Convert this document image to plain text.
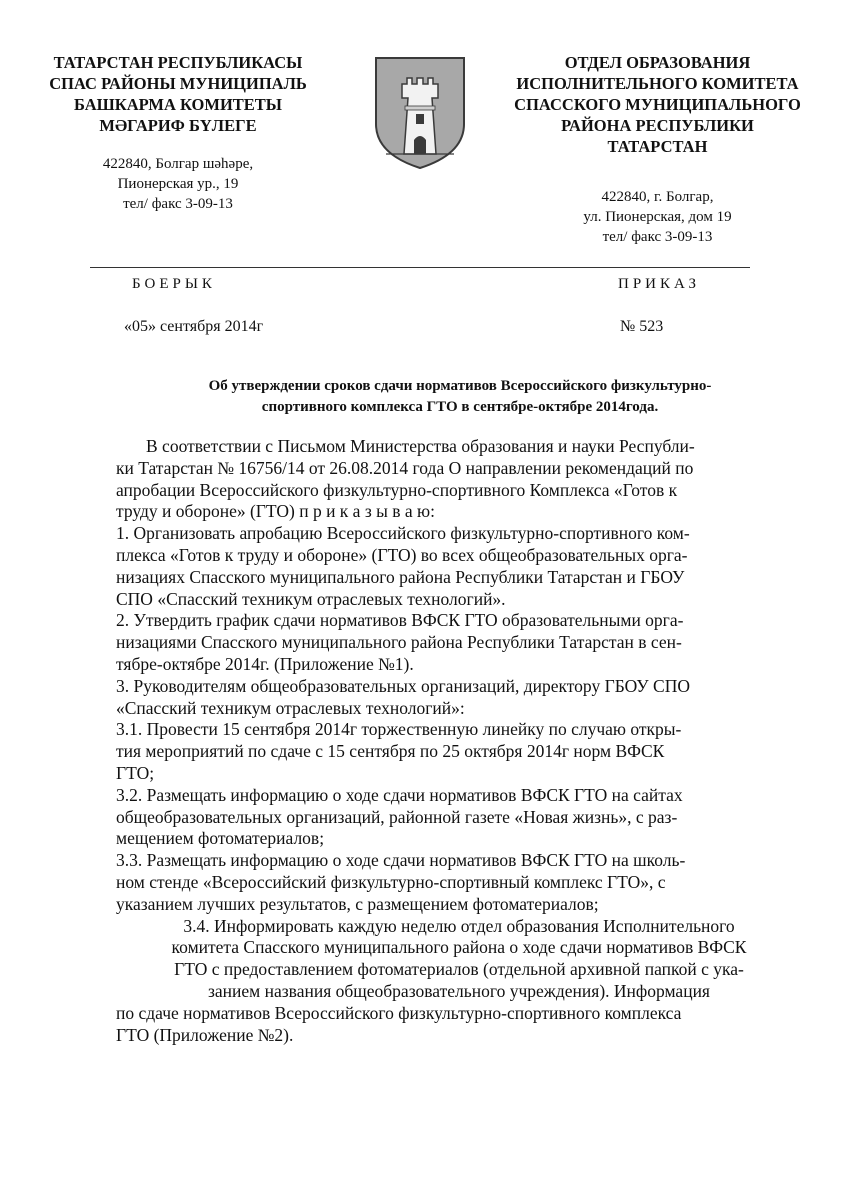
ТАТАРСТАН РЕСПУБЛИКАСЫ
СПАС РАЙОНЫ МУНИЦИПАЛЬ
БАШКАРМА КОМИТЕТЫ
МӘГАРИФ БҮЛЕГЕ

422840, Болгар шәһәре,
Пионерская ур., 19
тел/ факс 3-09-13

ОТДЕЛ ОБРАЗОВАНИЯ
ИСПОЛНИТЕЛЬНОГО КОМИТЕТА
СПАССКОГО МУНИЦИПАЛЬНОГО
РАЙОНА РЕСПУБЛИКИ
ТАТАРСТАН

422840, г. Болгар,
ул. Пионерская, дом 19
тел/ факс 3-09-13
БОЕРЫК	ПРИКАЗ
«05» сентября 2014г	№ 523
Об утверждении сроков сдачи нормативов Всероссийского физкультурно-
спортивного комплекса ГТО в сентябре-октябре 2014года.

В соответствии с Письмом Министерства образования и науки Республи-
ки Татарстан № 16756/14 от 26.08.2014 года О направлении рекомендаций по
апробации Всероссийского физкультурно-спортивного Комплекса «Готов к
труду и обороне» (ГТО) п р и к а з ы в а ю:

1. Организовать апробацию Всероссийского физкультурно-спортивного ком-
плекса «Готов к труду и обороне» (ГТО) во всех общеобразовательных орга-
низациях Спасского муниципального района Республики Татарстан и ГБОУ
СПО «Спасский техникум отраслевых технологий».

2. Утвердить график сдачи нормативов ВФСК ГТО образовательными орга-
низациями Спасского муниципального района Республики Татарстан в сен-
тябре-октябре 2014г. (Приложение №1).

3. Руководителям общеобразовательных организаций, директору ГБОУ СПО
«Спасский техникум отраслевых технологий»:

3.1. Провести 15 сентября 2014г торжественную линейку по случаю откры-
тия мероприятий по сдаче с 15 сентября по 25 октября 2014г норм ВФСК
ГТО;

3.2. Размещать информацию о ходе сдачи нормативов ВФСК ГТО на сайтах
общеобразовательных организаций, районной газете «Новая жизнь», с раз-
мещением фотоматериалов;

3.3. Размещать информацию о ходе сдачи нормативов ВФСК ГТО на школь-
ном стенде «Всероссийский физкультурно-спортивный комплекс ГТО», с
указанием лучших результатов, с размещением фотоматериалов;

3.4. Информировать каждую неделю отдел образования Исполнительного
комитета Спасского муниципального района о ходе сдачи нормативов ВФСК
ГТО с предоставлением фотоматериалов (отдельной архивной папкой с ука-
занием названия общеобразовательного учреждения). Информация

по сдаче нормативов Всероссийского физкультурно-спортивного комплекса
ГТО (Приложение №2).
